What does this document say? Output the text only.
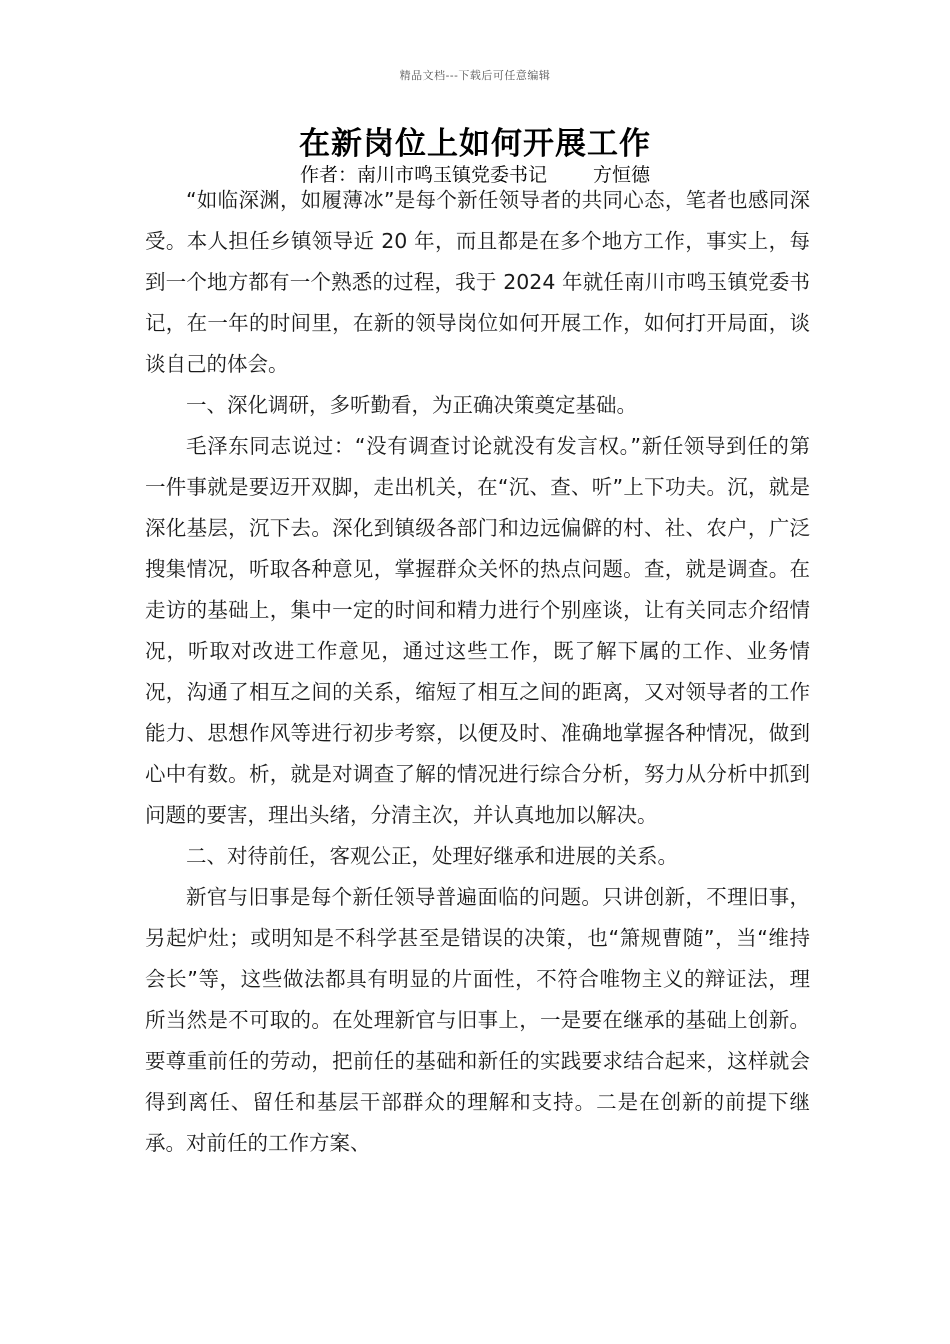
精品文档---下载后可任意编辑
在新岗位上如何开展工作
作者：南川市鸣玉镇党委书记 方恒德

“如临深渊，如履薄冰”是每个新任领导者的共同心态，笔者也感同深受。本人担任乡镇领导近 20 年，而且都是在多个地方工作，事实上，每到一个地方都有一个熟悉的过程，我于 2024 年就任南川市鸣玉镇党委书记，在一年的时间里，在新的领导岗位如何开展工作，如何打开局面，谈谈自己的体会。

一、深化调研，多听勤看，为正确决策奠定基础。

毛泽东同志说过：“没有调查讨论就没有发言权。”新任领导到任的第一件事就是要迈开双脚，走出机关，在“沉、查、听”上下功夫。沉，就是深化基层，沉下去。深化到镇级各部门和边远偏僻的村、社、农户，广泛搜集情况，听取各种意见，掌握群众关怀的热点问题。查，就是调查。在走访的基础上，集中一定的时间和精力进行个别座谈，让有关同志介绍情况，听取对改进工作意见，通过这些工作，既了解下属的工作、业务情况，沟通了相互之间的关系，缩短了相互之间的距离，又对领导者的工作能力、思想作风等进行初步考察，以便及时、准确地掌握各种情况，做到心中有数。析，就是对调查了解的情况进行综合分析，努力从分析中抓到问题的要害，理出头绪，分清主次，并认真地加以解决。

二、对待前任，客观公正，处理好继承和进展的关系。

新官与旧事是每个新任领导普遍面临的问题。只讲创新，不理旧事，另起炉灶；或明知是不科学甚至是错误的决策，也“箫规曹随”，当“维持会长”等，这些做法都具有明显的片面性，不符合唯物主义的辩证法，理所当然是不可取的。在处理新官与旧事上，一是要在继承的基础上创新。要尊重前任的劳动，把前任的基础和新任的实践要求结合起来，这样就会得到离任、留任和基层干部群众的理解和支持。二是在创新的前提下继承。对前任的工作方案、
